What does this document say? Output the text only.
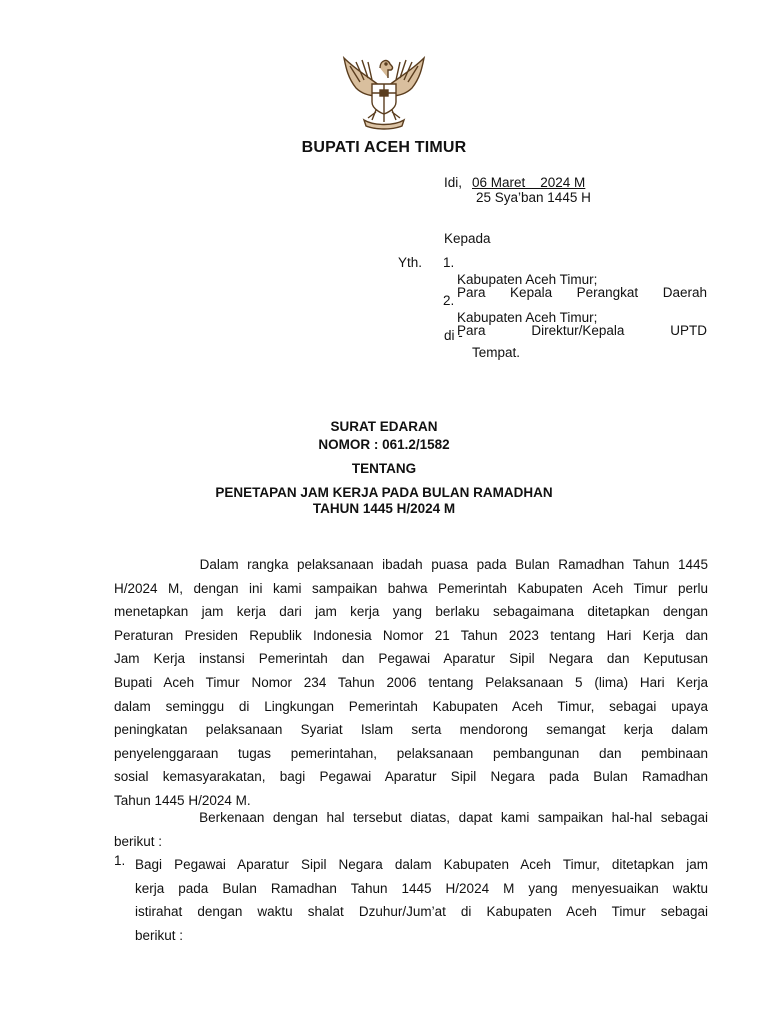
BUPATI ACEH TIMUR
Idi, 06 Maret    2024 M
25 Sya’ban 1445 H
Kepada
Yth. 1.

Para    Kepala    Perangkat    Daerah

Kabupaten Aceh Timur;
2.

Para        Direktur/Kepala        UPTD

Kabupaten Aceh Timur;
di -
Tempat.
SURAT EDARAN
NOMOR : 061.2/1582
TENTANG
PENETAPAN JAM KERJA PADA BULAN RAMADHAN
TAHUN 1445 H/2024 M
Dalam rangka pelaksanaan ibadah puasa pada Bulan Ramadhan Tahun 1445
H/2024 M, dengan ini kami sampaikan bahwa Pemerintah Kabupaten Aceh Timur perlu
menetapkan jam kerja dari jam kerja yang berlaku sebagaimana ditetapkan dengan
Peraturan Presiden Republik Indonesia Nomor 21 Tahun 2023 tentang Hari Kerja dan
Jam Kerja instansi Pemerintah dan Pegawai Aparatur Sipil Negara dan Keputusan
Bupati Aceh Timur Nomor 234 Tahun 2006 tentang Pelaksanaan 5 (lima) Hari Kerja
dalam seminggu di Lingkungan Pemerintah Kabupaten Aceh Timur, sebagai upaya
peningkatan pelaksanaan Syariat Islam serta mendorong semangat kerja dalam
penyelenggaraan tugas pemerintahan, pelaksanaan pembangunan dan pembinaan
sosial kemasyarakatan, bagi Pegawai Aparatur Sipil Negara pada Bulan Ramadhan
Tahun 1445 H/2024 M.
Berkenaan dengan hal tersebut diatas, dapat kami sampaikan hal-hal sebagai
berikut :
1. Bagi Pegawai Aparatur Sipil Negara dalam Kabupaten Aceh Timur, ditetapkan jam
kerja pada Bulan Ramadhan Tahun 1445 H/2024 M yang menyesuaikan waktu
istirahat dengan waktu shalat Dzuhur/Jum’at di Kabupaten Aceh Timur sebagai
berikut :
